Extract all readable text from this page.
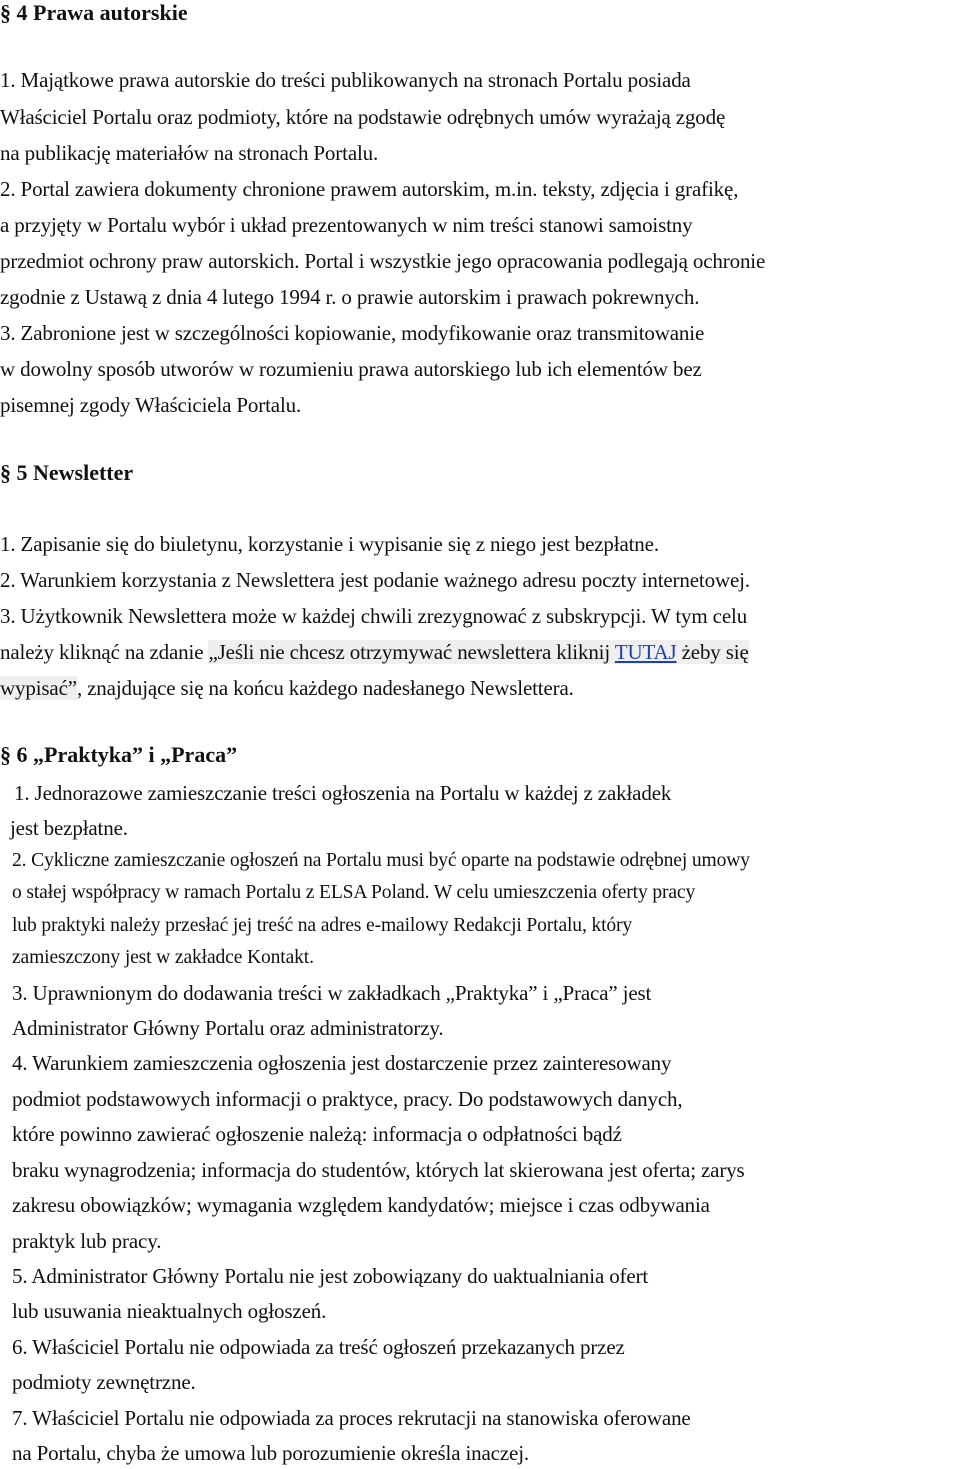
§ 4 Prawa autorskie
1. Majątkowe prawa autorskie do treści publikowanych na stronach Portalu posiada
Właściciel Portalu oraz podmioty, które na podstawie odrębnych umów wyrażają zgodę
na publikację materiałów na stronach Portalu.
2. Portal zawiera dokumenty chronione prawem autorskim, m.in. teksty, zdjęcia i grafikę,
a przyjęty w Portalu wybór i układ prezentowanych w nim treści stanowi samoistny
przedmiot ochrony praw autorskich. Portal i wszystkie jego opracowania podlegają ochronie
zgodnie z Ustawą z dnia 4 lutego 1994 r. o prawie autorskim i prawach pokrewnych.
3. Zabronione jest w szczególności kopiowanie, modyfikowanie oraz transmitowanie
w dowolny sposób utworów w rozumieniu prawa autorskiego lub ich elementów bez
pisemnej zgody Właściciela Portalu.
§ 5 Newsletter
1. Zapisanie się do biuletynu, korzystanie i wypisanie się z niego jest bezpłatne.
2. Warunkiem korzystania z Newslettera jest podanie ważnego adresu poczty internetowej.
3. Użytkownik Newslettera może w każdej chwili zrezygnować z subskrypcji. W tym celu
należy kliknąć na zdanie „Jeśli nie chcesz otrzymywać newslettera kliknij TUTAJ żeby się
wypisać”, znajdujące się na końcu każdego nadesłanego Newslettera.
§ 6 „Praktyka” i „Praca”
1. Jednorazowe zamieszczanie treści ogłoszenia na Portalu w każdej z zakładek
jest bezpłatne.
2. Cykliczne zamieszczanie ogłoszeń na Portalu musi być oparte na podstawie odrębnej umowy
o stałej współpracy w ramach Portalu z ELSA Poland. W celu umieszczenia oferty pracy
lub praktyki należy przesłać jej treść na adres e-mailowy Redakcji Portalu, który
zamieszczony jest w zakładce Kontakt.
3. Uprawnionym do dodawania treści w zakładkach „Praktyka” i „Praca” jest
Administrator Główny Portalu oraz administratorzy.
4. Warunkiem zamieszczenia ogłoszenia jest dostarczenie przez zainteresowany
podmiot podstawowych informacji o praktyce, pracy. Do podstawowych danych,
które powinno zawierać ogłoszenie należą: informacja o odpłatności bądź
braku wynagrodzenia; informacja do studentów, których lat skierowana jest oferta; zarys
zakresu obowiązków; wymagania względem kandydatów; miejsce i czas odbywania
praktyk lub pracy.
5. Administrator Główny Portalu nie jest zobowiązany do uaktualniania ofert
lub usuwania nieaktualnych ogłoszeń.
6. Właściciel Portalu nie odpowiada za treść ogłoszeń przekazanych przez
podmioty zewnętrzne.
7. Właściciel Portalu nie odpowiada za proces rekrutacji na stanowiska oferowane
na Portalu, chyba że umowa lub porozumienie określa inaczej.
